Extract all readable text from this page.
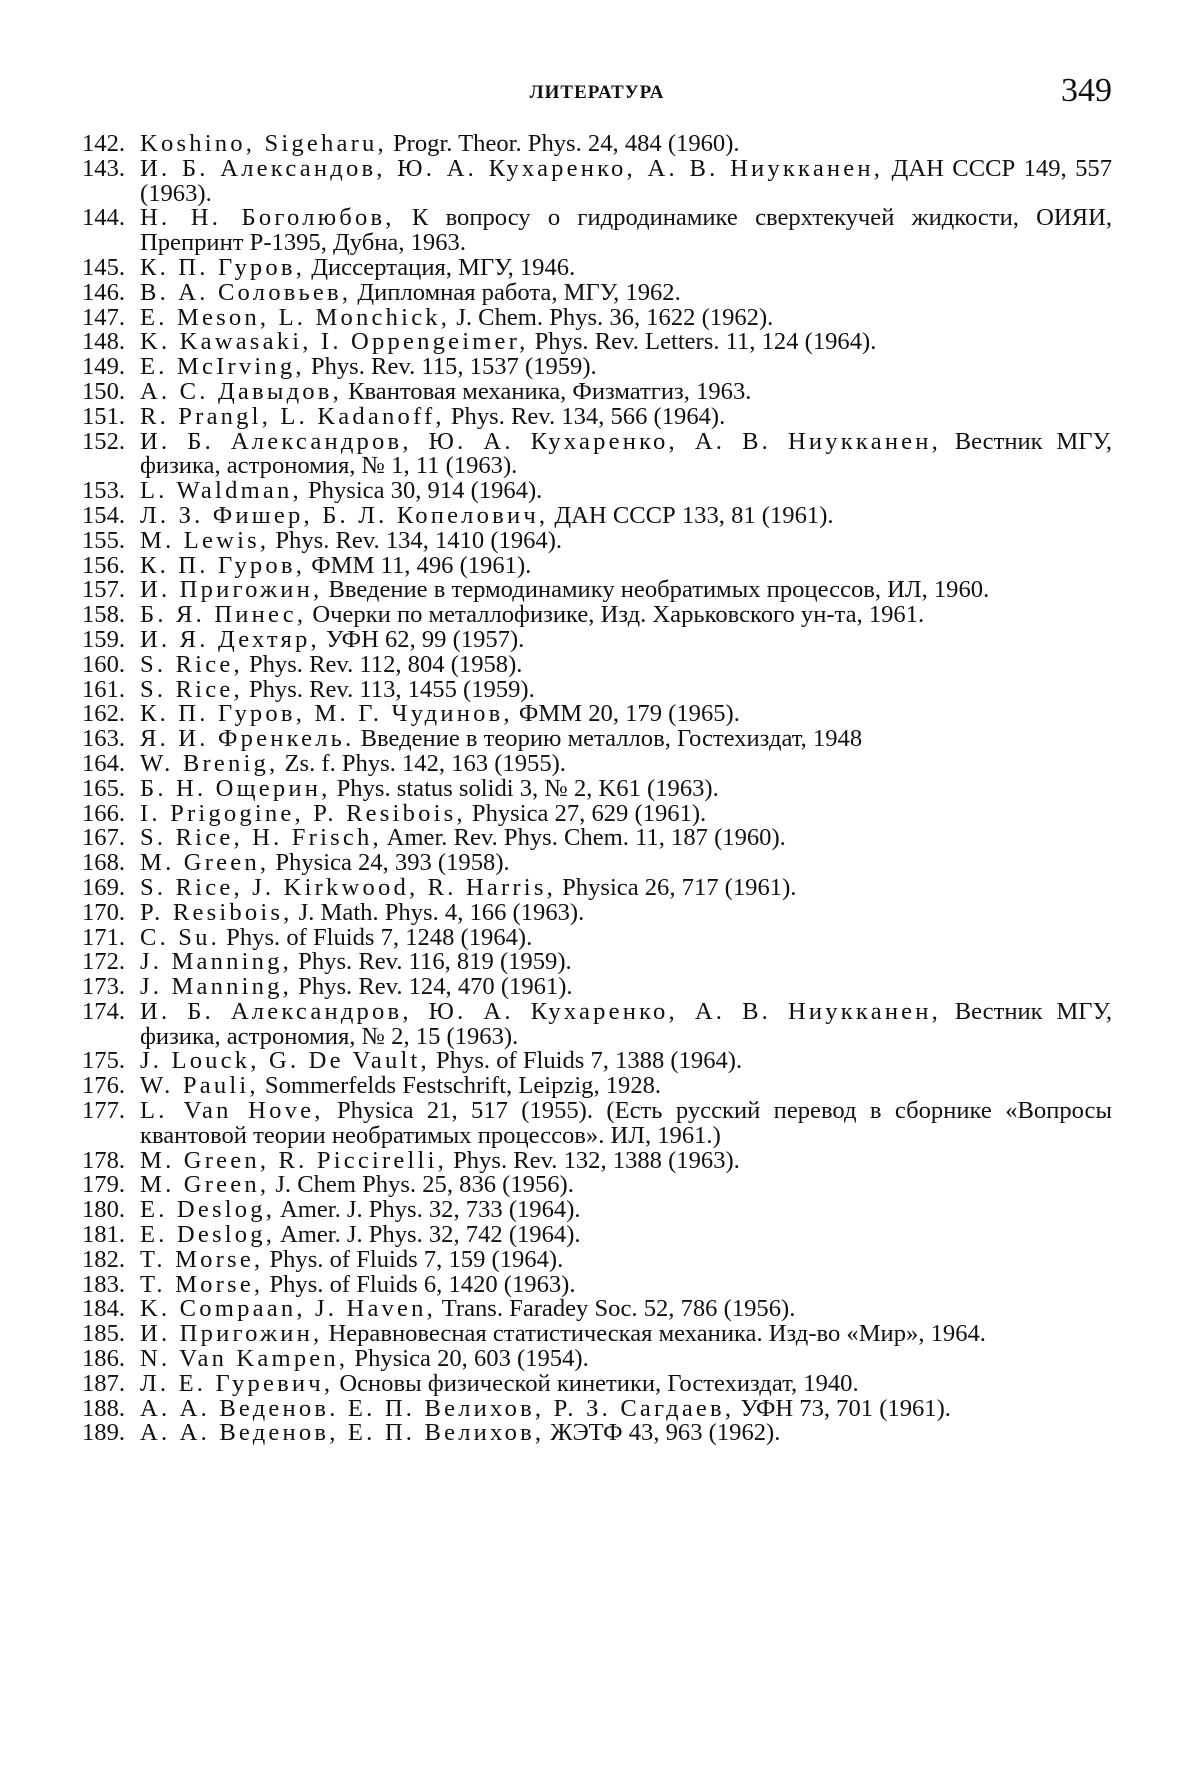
ЛИТЕРАТУРА	349
142. Koshino, Sigeharu, Progr. Theor. Phys. 24, 484 (1960).
143. И. Б. Александов, Ю. А. Кухаренко, А. В. Ниукканен, ДАН СССР 149, 557 (1963).
144. Н. Н. Боголюбов, К вопросу о гидродинамике сверхтекучей жидкости, ОИЯИ, Препринт Р-1395, Дубна, 1963.
145. К. П. Гуров, Диссертация, МГУ, 1946.
146. В. А. Соловьев, Дипломная работа, МГУ, 1962.
147. E. Meson, L. Monchick, J. Chem. Phys. 36, 1622 (1962).
148. K. Kawasaki, I. Oppengeimer, Phys. Rev. Letters. 11, 124 (1964).
149. E. McIrving, Phys. Rev. 115, 1537 (1959).
150. А. С. Давыдов, Квантовая механика, Физматгиз, 1963.
151. R. Prangl, L. Kadanoff, Phys. Rev. 134, 566 (1964).
152. И. Б. Александров, Ю. А. Кухаренко, А. В. Ниукканен, Вестник МГУ, физика, астрономия, № 1, 11 (1963).
153. L. Waldman, Physica 30, 914 (1964).
154. Л. З. Фишер, Б. Л. Копелович, ДАН СССР 133, 81 (1961).
155. M. Lewis, Phys. Rev. 134, 1410 (1964).
156. К. П. Гуров, ФММ 11, 496 (1961).
157. И. Пригожин, Введение в термодинамику необратимых процессов, ИЛ, 1960.
158. Б. Я. Пинес, Очерки по металлофизике, Изд. Харьковского ун-та, 1961.
159. И. Я. Дехтяр, УФН 62, 99 (1957).
160. S. Rice, Phys. Rev. 112, 804 (1958).
161. S. Rice, Phys. Rev. 113, 1455 (1959).
162. К. П. Гуров, М. Г. Чудинов, ФММ 20, 179 (1965).
163. Я. И. Френкель. Введение в теорию металлов, Гостехиздат, 1948
164. W. Brenig, Zs. f. Phys. 142, 163 (1955).
165. Б. Н. Ощерин, Phys. status solidi 3, № 2, K61 (1963).
166. I. Prigogine, P. Resibois, Physica 27, 629 (1961).
167. S. Rice, H. Frisch, Amer. Rev. Phys. Chem. 11, 187 (1960).
168. M. Green, Physica 24, 393 (1958).
169. S. Rice, J. Kirkwood, R. Harris, Physica 26, 717 (1961).
170. P. Resibois, J. Math. Phys. 4, 166 (1963).
171. C. Su. Phys. of Fluids 7, 1248 (1964).
172. J. Manning, Phys. Rev. 116, 819 (1959).
173. J. Manning, Phys. Rev. 124, 470 (1961).
174. И. Б. Александров, Ю. А. Кухаренко, А. В. Ниукканен, Вестник МГУ, физика, астрономия, № 2, 15 (1963).
175. J. Louck, G. De Vault, Phys. of Fluids 7, 1388 (1964).
176. W. Pauli, Sommerfelds Festschrift, Leipzig, 1928.
177. L. Van Hove, Physica 21, 517 (1955). (Есть русский перевод в сборнике «Вопросы квантовой теории необратимых процессов». ИЛ, 1961.)
178. M. Green, R. Piccirelli, Phys. Rev. 132, 1388 (1963).
179. M. Green, J. Chem Phys. 25, 836 (1956).
180. E. Deslog, Amer. J. Phys. 32, 733 (1964).
181. E. Deslog, Amer. J. Phys. 32, 742 (1964).
182. T. Morse, Phys. of Fluids 7, 159 (1964).
183. T. Morse, Phys. of Fluids 6, 1420 (1963).
184. K. Compaan, J. Haven, Trans. Faradey Soc. 52, 786 (1956).
185. И. Пригожин, Неравновесная статистическая механика. Изд-во «Мир», 1964.
186. N. Van Kampen, Physica 20, 603 (1954).
187. Л. Е. Гуревич, Основы физической кинетики, Гостехиздат, 1940.
188. А. А. Веденов. Е. П. Велихов, Р. З. Сагдаев, УФН 73, 701 (1961).
189. А. А. Веденов, Е. П. Велихов, ЖЭТФ 43, 963 (1962).
